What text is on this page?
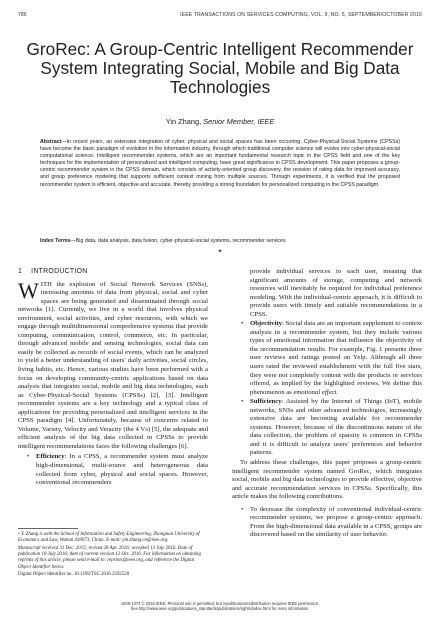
786	IEEE TRANSACTIONS ON SERVICES COMPUTING, VOL. 9, NO. 5, SEPTEMBER/OCTOBER 2016
GroRec: A Group-Centric Intelligent Recommender System Integrating Social, Mobile and Big Data Technologies
Yin Zhang, Senior Member, IEEE
Abstract—In recent years, an extensive integration of cyber, physical and social spaces has been occurring. Cyber-Physical-Social Systems (CPSSs) have become the basic paradigm of evolution in the information industry, through which traditional computer science will evolve into cyber-physical-social computational science. Intelligent recommender systems, which are an important fundamental research topic in the CPSS field and one of the key techniques for the implementation of personalized and intelligent computing, have great significance in CPSS development. This paper proposes a group-centric recommender system in the CPSS domain, which consists of activity-oriented group discovery, the revision of rating data for improved accuracy, and group preference modeling that supports sufficient context mining from multiple sources. Through experiments, it is verified that the proposed recommender system is efficient, objective and accurate, thereby providing a strong foundation for personalized computing in the CPSS paradigm.
Index Terms—Big data, data analysis, data fusion, cyber-physical-social systems, recommender services
✦
1 INTRODUCTION

WITH the explosion of Social Network Services (SNSs), increasing amounts of data from physical, social and cyber spaces are being generated and disseminated through social networks [1]. Currently, we live in a world that involves physical environment, social activities, and cyber resources, with which we engage through multidimensional comprehensive systems that provide computing, communication, control, commerce, etc. In particular, through advanced mobile and sensing technologies, social data can easily be collected as records of social events, which can be analyzed to yield a better understanding of users' daily activities, social circles, living habits, etc. Hence, various studies have been performed with a focus on developing community-centric applications based on data analysis that integrates social, mobile and big data technologies, such as Cyber-Physical-Social Systems (CPSSs) [2], [3]. Intelligent recommender systems are a key technology and a typical class of applications for providing personalized and intelligent services in the CPSS paradigm [4]. Unfortunately, because of concerns related to Volume, Variety, Velocity and Veracity (the 4 Vs) [5], the adequate and efficient analysis of the big data collected in CPSSs to provide intelligent recommendations faces the following challenges [6].

• Efficiency: In a CPSS, a recommender system must analyze high-dimensional, multi-source and heterogeneous data collected from cyber, physical and social spaces. However, conventional recommenders

• Y. Zhang is with the School of Information and Safety Engineering, Zhongnan University of Economics and Law, Wuhan 430073, China. E-mail: yin.zhang.cn@ieee.org.

Manuscript received 31 Dec. 2015; revised 28 Apr. 2016; accepted 13 July 2016. Date of publication 18 July 2016; date of current version 12 Oct. 2016. For information on obtaining reprints of this article, please send e-mail to: reprints@ieee.org, and reference the Digital Object Identifier below.

Digital Object Identifier no. 10.1109/TSC.2016.2592520

provide individual services to each user, meaning that significant amounts of storage, computing and network resources will inevitably be required for individual preference modeling. With the individual-centric approach, it is difficult to provide users with timely and suitable recommendations in a CPSS.
• Objectivity: Social data are an important supplement to context analysis in a recommender system, but they include various types of emotional information that influence the objectivity of the recommendation results. For example, Fig. 1 presents three user reviews and ratings posted on Yelp. Although all three users rated the reviewed establishment with the full five stars, they were not completely content with the products or services offered, as implied by the highlighted reviews. We define this phenomenon as emotional effect.
• Sufficiency: Assisted by the Internet of Things (IoT), mobile networks, SNSs and other advanced technologies, increasingly extensive data are becoming available for recommender systems. However, because of the discontinuous nature of the data collection, the problem of sparsity is common in CPSSs and it is difficult to analyze users' preferences and behavior patterns.

To address these challenges, this paper proposes a group-centric intelligent recommender system named GroRec, which integrates social, mobile and big data technologies to provide effective, objective and accurate recommendation services in CPSSs. Specifically, this article makes the following contributions.

• To decrease the complexity of conventional individual-centric recommender systems, we propose a group-centric approach. From the high-dimensional data available in a CPSS, groups are discovered based on the similarity of user behavior.
1939-1374 © 2016 IEEE. Personal use is permitted, but republication/redistribution requires IEEE permission.
See http://www.ieee.org/publications_standards/publications/rights/index.html for more information.
